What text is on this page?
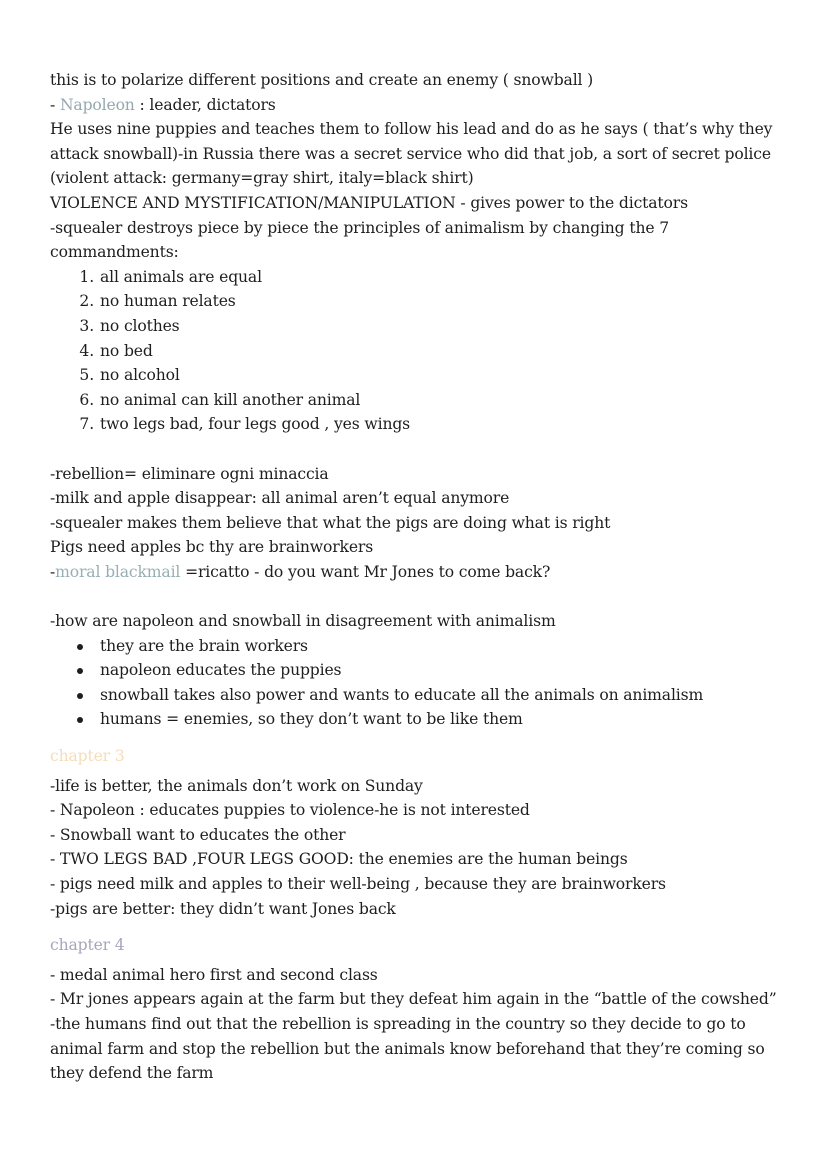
this is to polarize different positions and create an enemy ( snowball )

- Napoleon : leader, dictators

He uses nine puppies and teaches them to follow his lead and do as he says ( that’s why they attack snowball)-in Russia there was a secret service who did that job, a sort of secret police (violent attack: germany=gray shirt, italy=black shirt)

VIOLENCE AND MYSTIFICATION/MANIPULATION - gives power to the dictators

-squealer destroys piece by piece the principles of animalism by changing the 7 commandments:

1. all animals are equal
2. no human relates
3. no clothes
4. no bed
5. no alcohol
6. no animal can kill another animal
7. two legs bad, four legs good , yes wings

-rebellion= eliminare ogni minaccia

-milk and apple disappear: all animal aren’t equal anymore

-squealer makes them believe that what the pigs are doing what is right

Pigs need apples bc thy are brainworkers

-moral blackmail =ricatto - do you want Mr Jones to come back?

-how are napoleon and snowball in disagreement with animalism

they are the brain workers
napoleon educates the puppies
snowball takes also power and wants to educate all the animals on animalism
humans = enemies, so they don’t want to be like them

chapter 3

-life is better, the animals don’t work on Sunday

- Napoleon : educates puppies to violence-he is not interested

- Snowball want to educates the other

- TWO LEGS BAD ,FOUR LEGS GOOD: the enemies are the human beings

- pigs need milk and apples to their well-being , because they are brainworkers

-pigs are better: they didn’t want Jones back

chapter 4

- medal animal hero first and second class

- Mr jones appears again at the farm but they defeat him again in the “battle of the cowshed”

-the humans find out that the rebellion is spreading in the country so they decide to go to animal farm and stop the rebellion but the animals know beforehand that they’re coming so they defend the farm
